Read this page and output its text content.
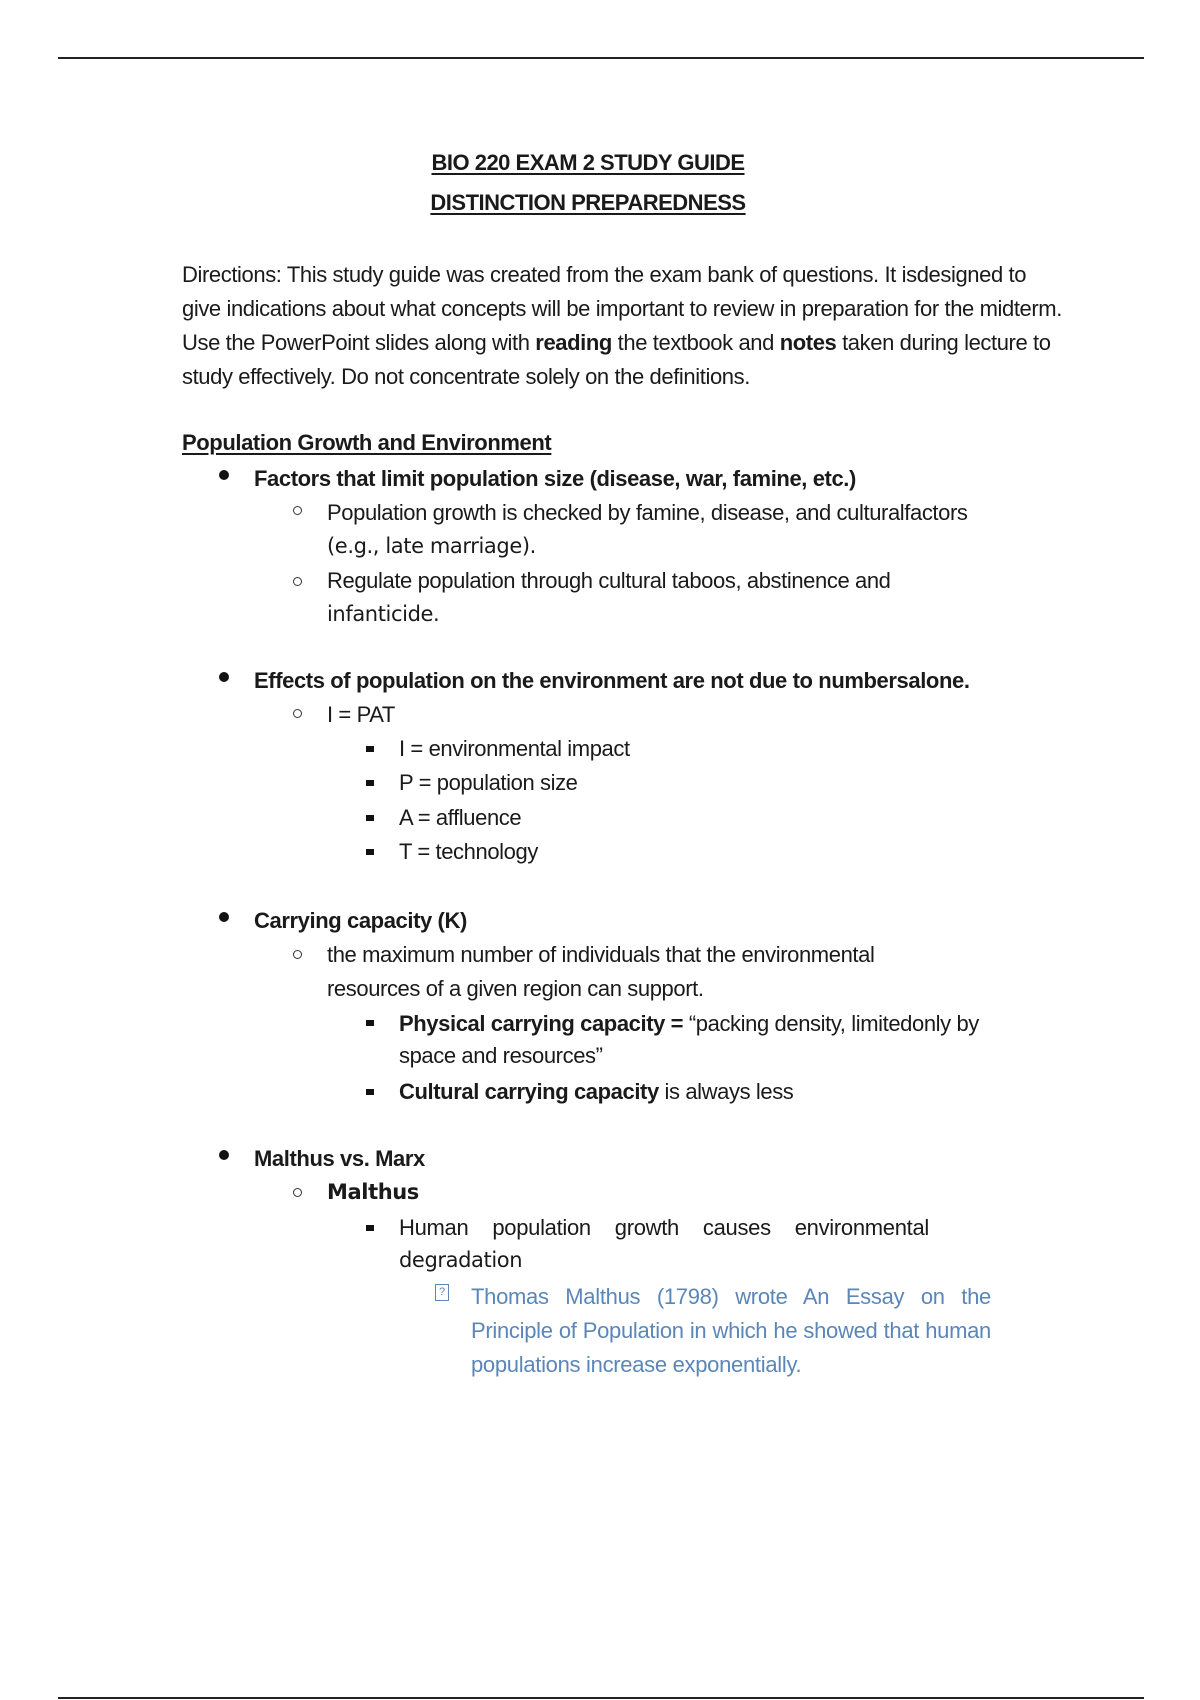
BIO 220 EXAM 2 STUDY GUIDE
DISTINCTION PREPAREDNESS
Directions: This study guide was created from the exam bank of questions. It isdesigned to give indications about what concepts will be important to review in preparation for the midterm. Use the PowerPoint slides along with reading the textbook and notes taken during lecture to study effectively. Do not concentrate solely on the definitions.
Population Growth and Environment
Factors that limit population size (disease, war, famine, etc.)
Population growth is checked by famine, disease, and culturalfactors
(e.g., late marriage).
Regulate population through cultural taboos, abstinence and
infanticide.
Effects of population on the environment are not due to numbersalone.
I = PAT
I = environmental impact
P = population size
A = affluence
T = technology
Carrying capacity (K)
the maximum number of individuals that the environmental
resources of a given region can support.
Physical carrying capacity = “packing density, limitedonly by
space and resources”
Cultural carrying capacity is always less
Malthus vs. Marx
Malthus
Human population growth causes environmental
degradation
? Thomas Malthus (1798) wrote An Essay on the Principle of Population in which he showed that human populations increase exponentially.
